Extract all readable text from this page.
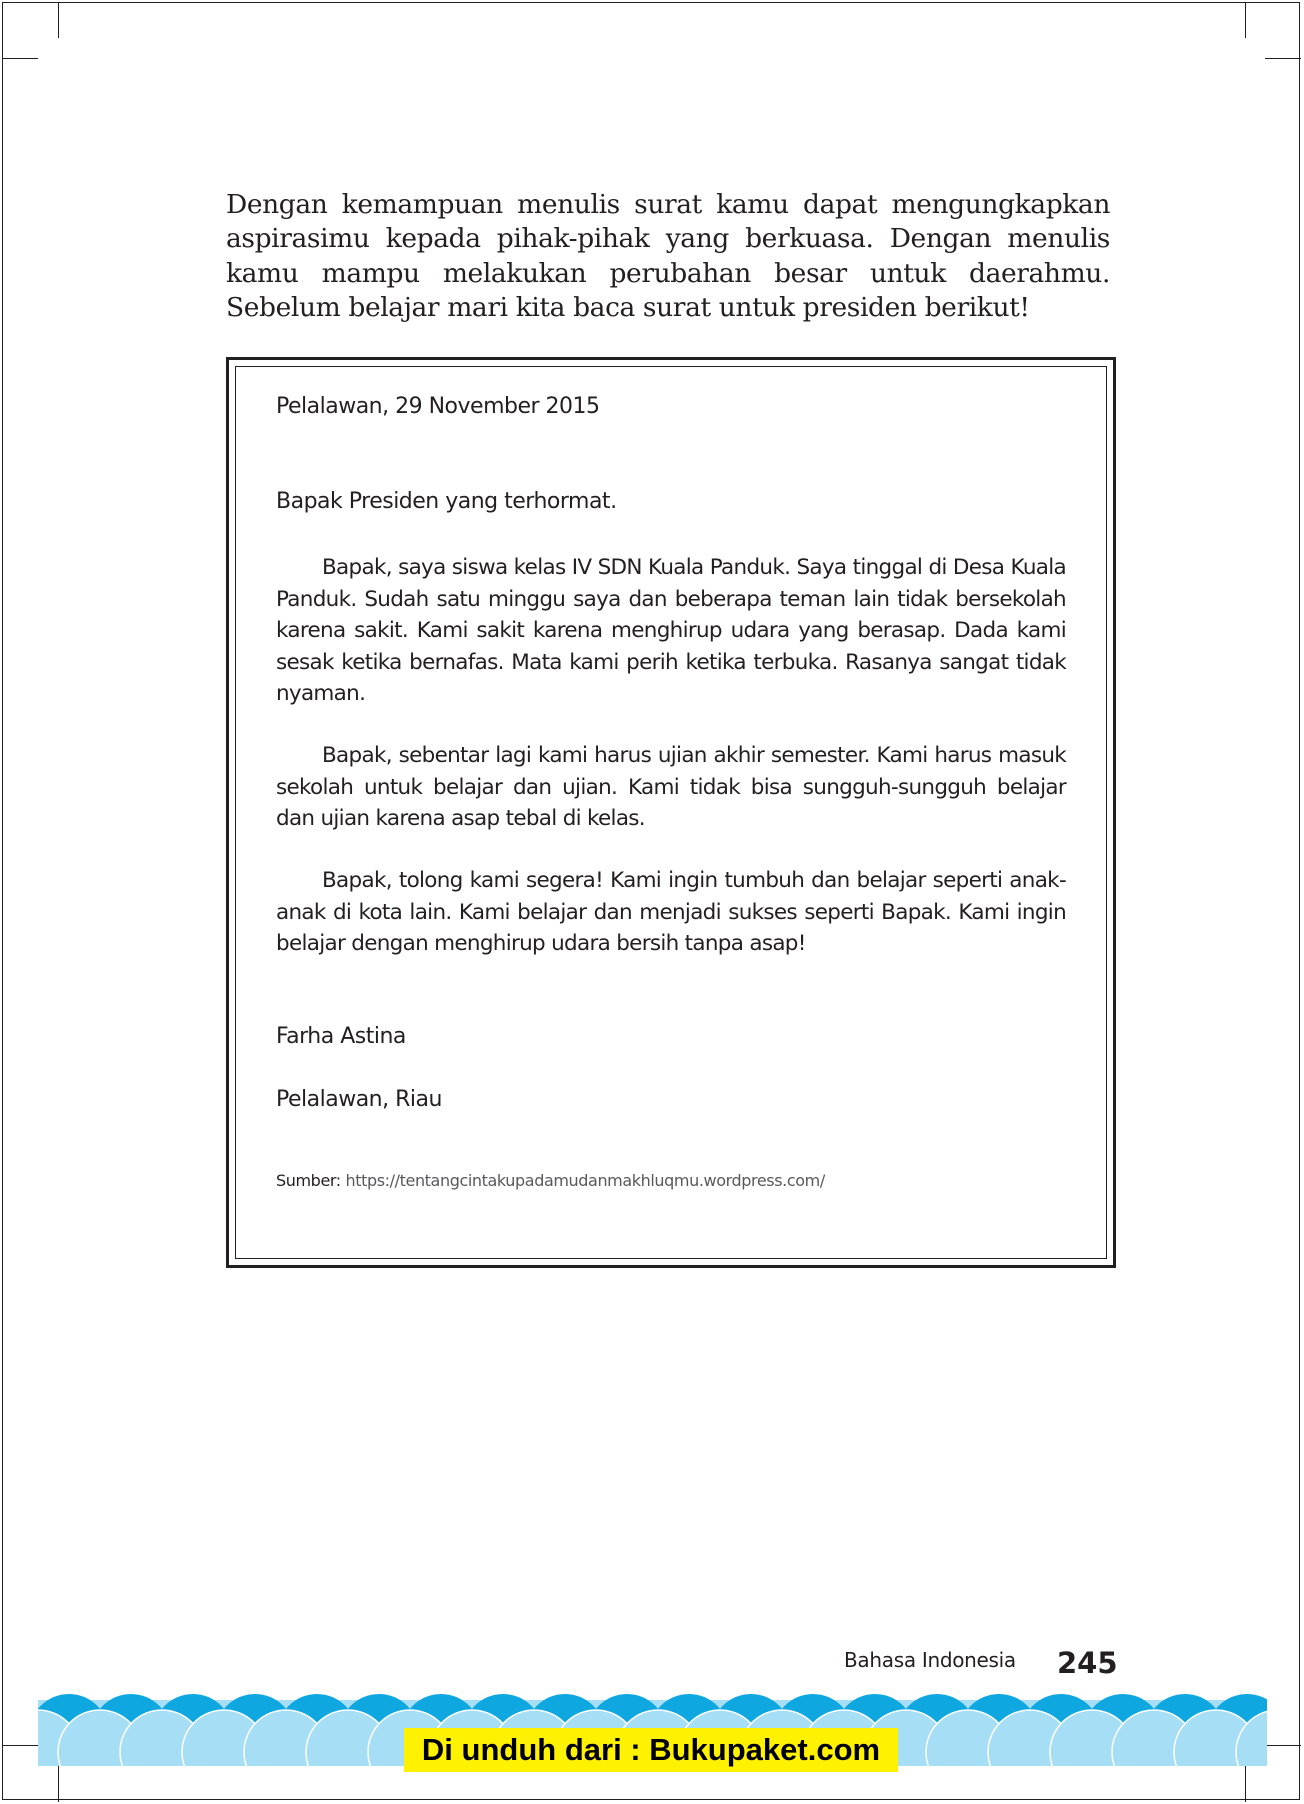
Dengan kemampuan menulis surat kamu dapat mengungkapkan aspirasimu kepada pihak-pihak yang berkuasa. Dengan menulis kamu mampu melakukan perubahan besar untuk daerahmu. Sebelum belajar mari kita baca surat untuk presiden berikut!

Pelalawan, 29 November 2015
Bapak Presiden yang terhormat.

Bapak, saya siswa kelas IV SDN Kuala Panduk. Saya tinggal di Desa Kuala Panduk. Sudah satu minggu saya dan beberapa teman lain tidak bersekolah karena sakit. Kami sakit karena menghirup udara yang berasap. Dada kami sesak ketika bernafas. Mata kami perih ketika terbuka. Rasanya sangat tidak nyaman.

Bapak, sebentar lagi kami harus ujian akhir semester. Kami harus masuk sekolah untuk belajar dan ujian. Kami tidak bisa sungguh-sungguh belajar dan ujian karena asap tebal di kelas.

Bapak, tolong kami segera! Kami ingin tumbuh dan belajar seperti anak-anak di kota lain. Kami belajar dan menjadi sukses seperti Bapak. Kami ingin belajar dengan menghirup udara bersih tanpa asap!

Farha Astina
Pelalawan, Riau
Sumber: https://tentangcintakupadamudanmakhluqmu.wordpress.com/
Bahasa Indonesia 245
Di unduh dari : Bukupaket.com
